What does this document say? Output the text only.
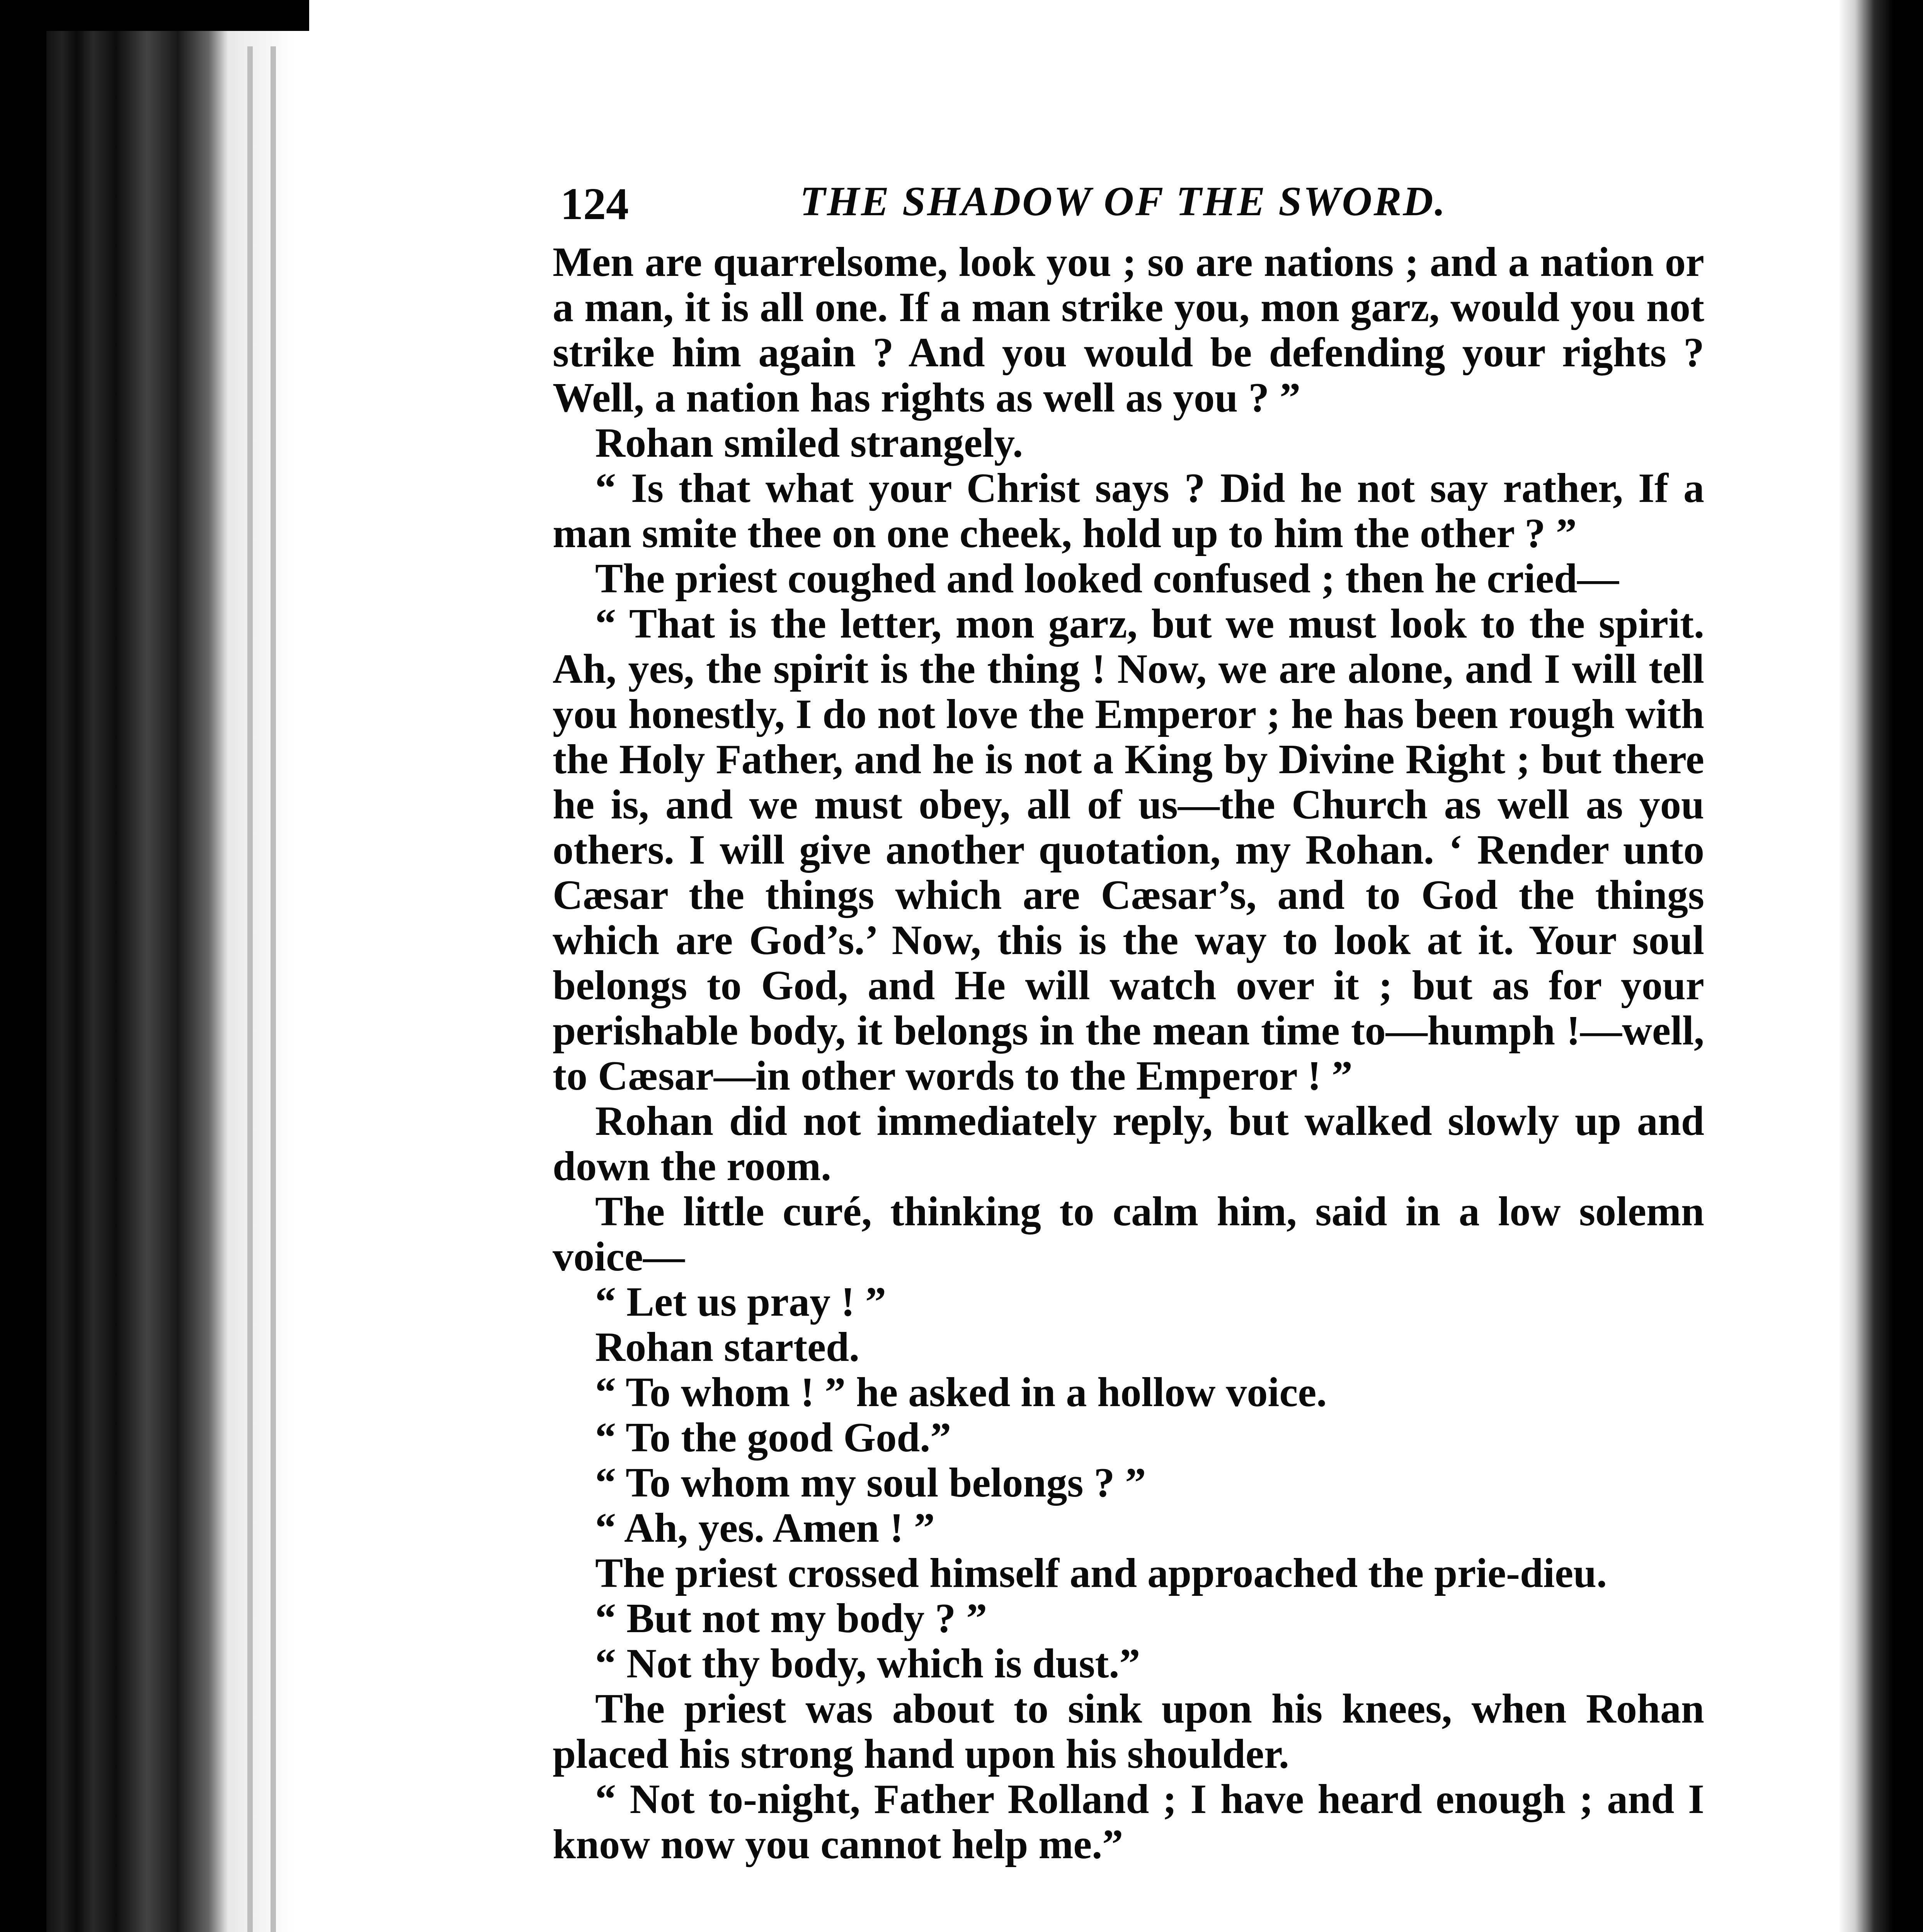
124	THE SHADOW OF THE SWORD.

Men are quarrelsome, look you ; so are nations ; and a nation or a man, it is all one. If a man strike you, mon garz, would you not strike him again ? And you would be defending your rights ? Well, a nation has rights as well as you ? ”

Rohan smiled strangely.

“ Is that what your Christ says ? Did he not say rather, If a man smite thee on one cheek, hold up to him the other ? ”

The priest coughed and looked confused ; then he cried—

“ That is the letter, mon garz, but we must look to the spirit. Ah, yes, the spirit is the thing ! Now, we are alone, and I will tell you honestly, I do not love the Emperor ; he has been rough with the Holy Father, and he is not a King by Divine Right ; but there he is, and we must obey, all of us—the Church as well as you others. I will give another quotation, my Rohan. ‘ Render unto Cæsar the things which are Cæsar’s, and to God the things which are God’s.’ Now, this is the way to look at it. Your soul belongs to God, and He will watch over it ; but as for your perishable body, it belongs in the mean time to—humph !—well, to Cæsar—in other words to the Emperor ! ”

Rohan did not immediately reply, but walked slowly up and down the room.

The little curé, thinking to calm him, said in a low solemn voice—

“ Let us pray ! ”

Rohan started.

“ To whom ! ” he asked in a hollow voice.

“ To the good God.”

“ To whom my soul belongs ? ”

“ Ah, yes. Amen ! ”

The priest crossed himself and approached the prie-dieu.

“ But not my body ? ”

“ Not thy body, which is dust.”

The priest was about to sink upon his knees, when Rohan placed his strong hand upon his shoulder.

“ Not to-night, Father Rolland ; I have heard enough ; and I know now you cannot help me.”
